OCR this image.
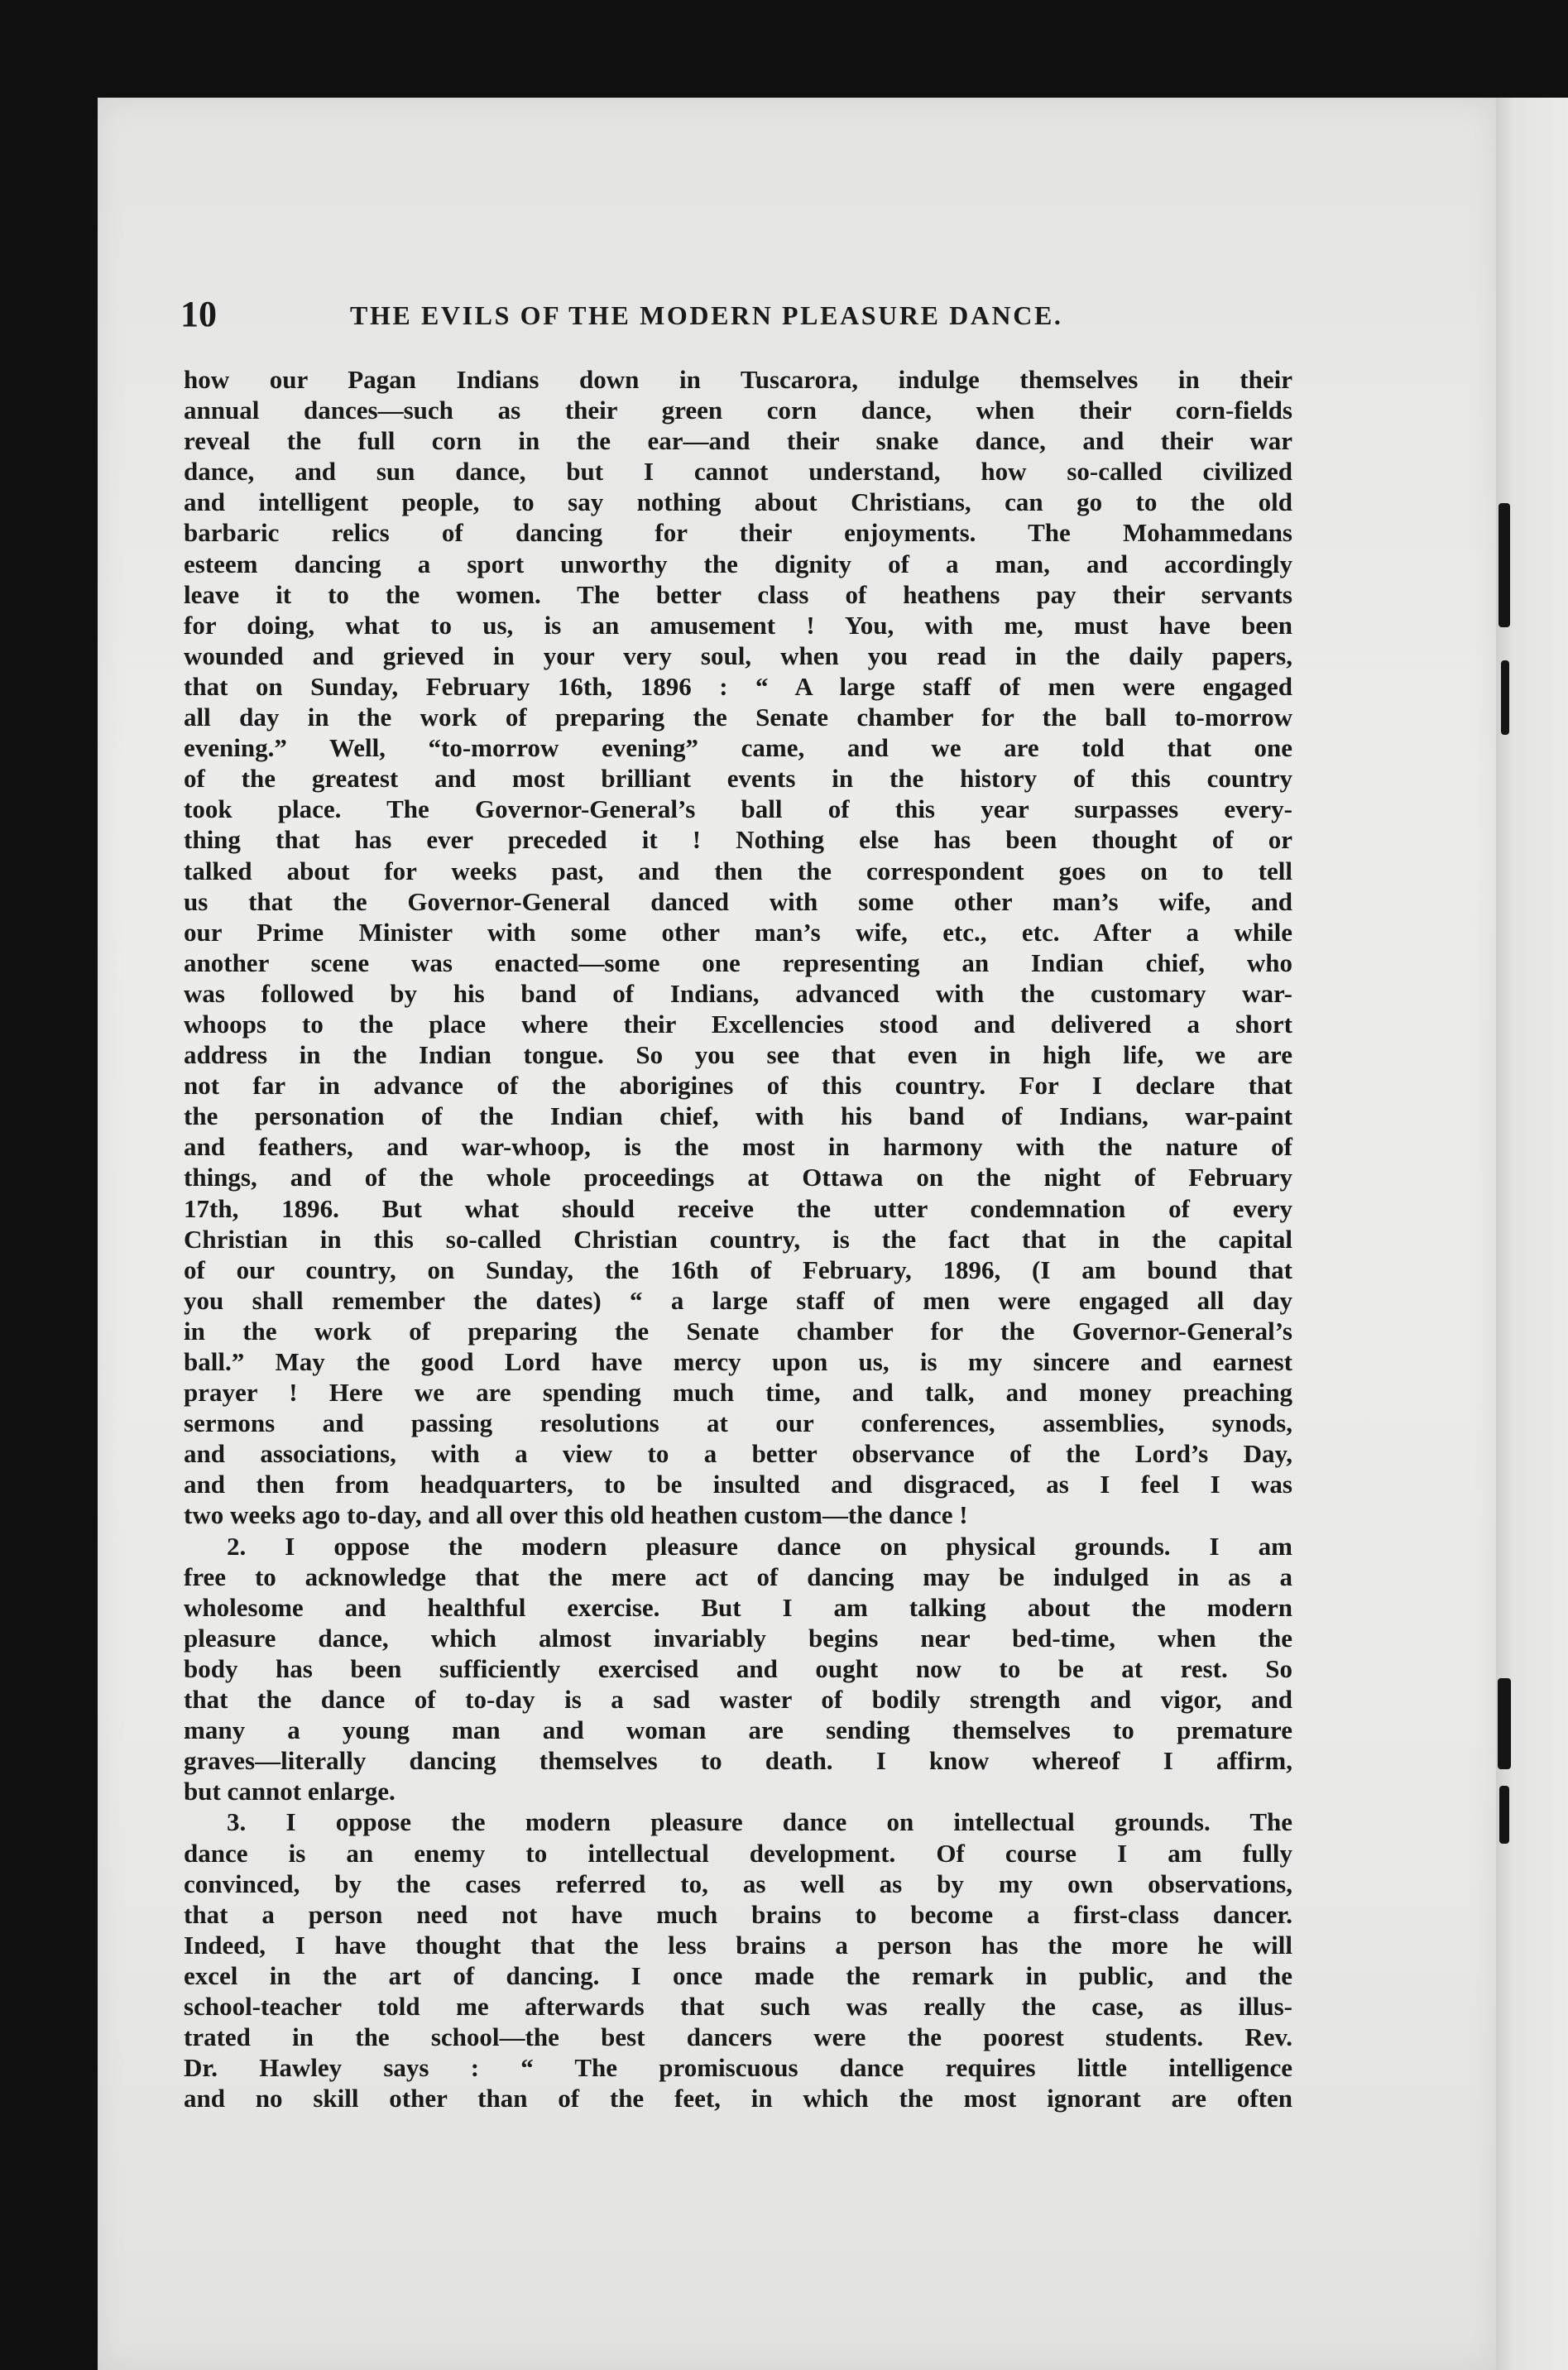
10	THE EVILS OF THE MODERN PLEASURE DANCE.
how our Pagan Indians down in Tuscarora, indulge themselves in their
annual dances—such as their green corn dance, when their corn-fields
reveal the full corn in the ear—and their snake dance, and their war
dance, and sun dance, but I cannot understand, how so-called civilized
and intelligent people, to say nothing about Christians, can go to the old
barbaric relics of dancing for their enjoyments. The Mohammedans
esteem dancing a sport unworthy the dignity of a man, and accordingly
leave it to the women. The better class of heathens pay their servants
for doing, what to us, is an amusement ! You, with me, must have been
wounded and grieved in your very soul, when you read in the daily papers,
that on Sunday, February 16th, 1896 : “ A large staff of men were engaged
all day in the work of preparing the Senate chamber for the ball to-morrow
evening.” Well, “to-morrow evening” came, and we are told that one
of the greatest and most brilliant events in the history of this country
took place. The Governor-General’s ball of this year surpasses every-
thing that has ever preceded it ! Nothing else has been thought of or
talked about for weeks past, and then the correspondent goes on to tell
us that the Governor-General danced with some other man’s wife, and
our Prime Minister with some other man’s wife, etc., etc. After a while
another scene was enacted—some one representing an Indian chief, who
was followed by his band of Indians, advanced with the customary war-
whoops to the place where their Excellencies stood and delivered a short
address in the Indian tongue. So you see that even in high life, we are
not far in advance of the aborigines of this country. For I declare that
the personation of the Indian chief, with his band of Indians, war-paint
and feathers, and war-whoop, is the most in harmony with the nature of
things, and of the whole proceedings at Ottawa on the night of February
17th, 1896. But what should receive the utter condemnation of every
Christian in this so-called Christian country, is the fact that in the capital
of our country, on Sunday, the 16th of February, 1896, (I am bound that
you shall remember the dates) “ a large staff of men were engaged all day
in the work of preparing the Senate chamber for the Governor-General’s
ball.” May the good Lord have mercy upon us, is my sincere and earnest
prayer ! Here we are spending much time, and talk, and money preaching
sermons and passing resolutions at our conferences, assemblies, synods,
and associations, with a view to a better observance of the Lord’s Day,
and then from headquarters, to be insulted and disgraced, as I feel I was
two weeks ago to-day, and all over this old heathen custom—the dance !
2. I oppose the modern pleasure dance on physical grounds. I am
free to acknowledge that the mere act of dancing may be indulged in as a
wholesome and healthful exercise. But I am talking about the modern
pleasure dance, which almost invariably begins near bed-time, when the
body has been sufficiently exercised and ought now to be at rest. So
that the dance of to-day is a sad waster of bodily strength and vigor, and
many a young man and woman are sending themselves to premature
graves—literally dancing themselves to death. I know whereof I affirm,
but cannot enlarge.
3. I oppose the modern pleasure dance on intellectual grounds. The
dance is an enemy to intellectual development. Of course I am fully
convinced, by the cases referred to, as well as by my own observations,
that a person need not have much brains to become a first-class dancer.
Indeed, I have thought that the less brains a person has the more he will
excel in the art of dancing. I once made the remark in public, and the
school-teacher told me afterwards that such was really the case, as illus-
trated in the school—the best dancers were the poorest students. Rev.
Dr. Hawley says : “ The promiscuous dance requires little intelligence
and no skill other than of the feet, in which the most ignorant are often
